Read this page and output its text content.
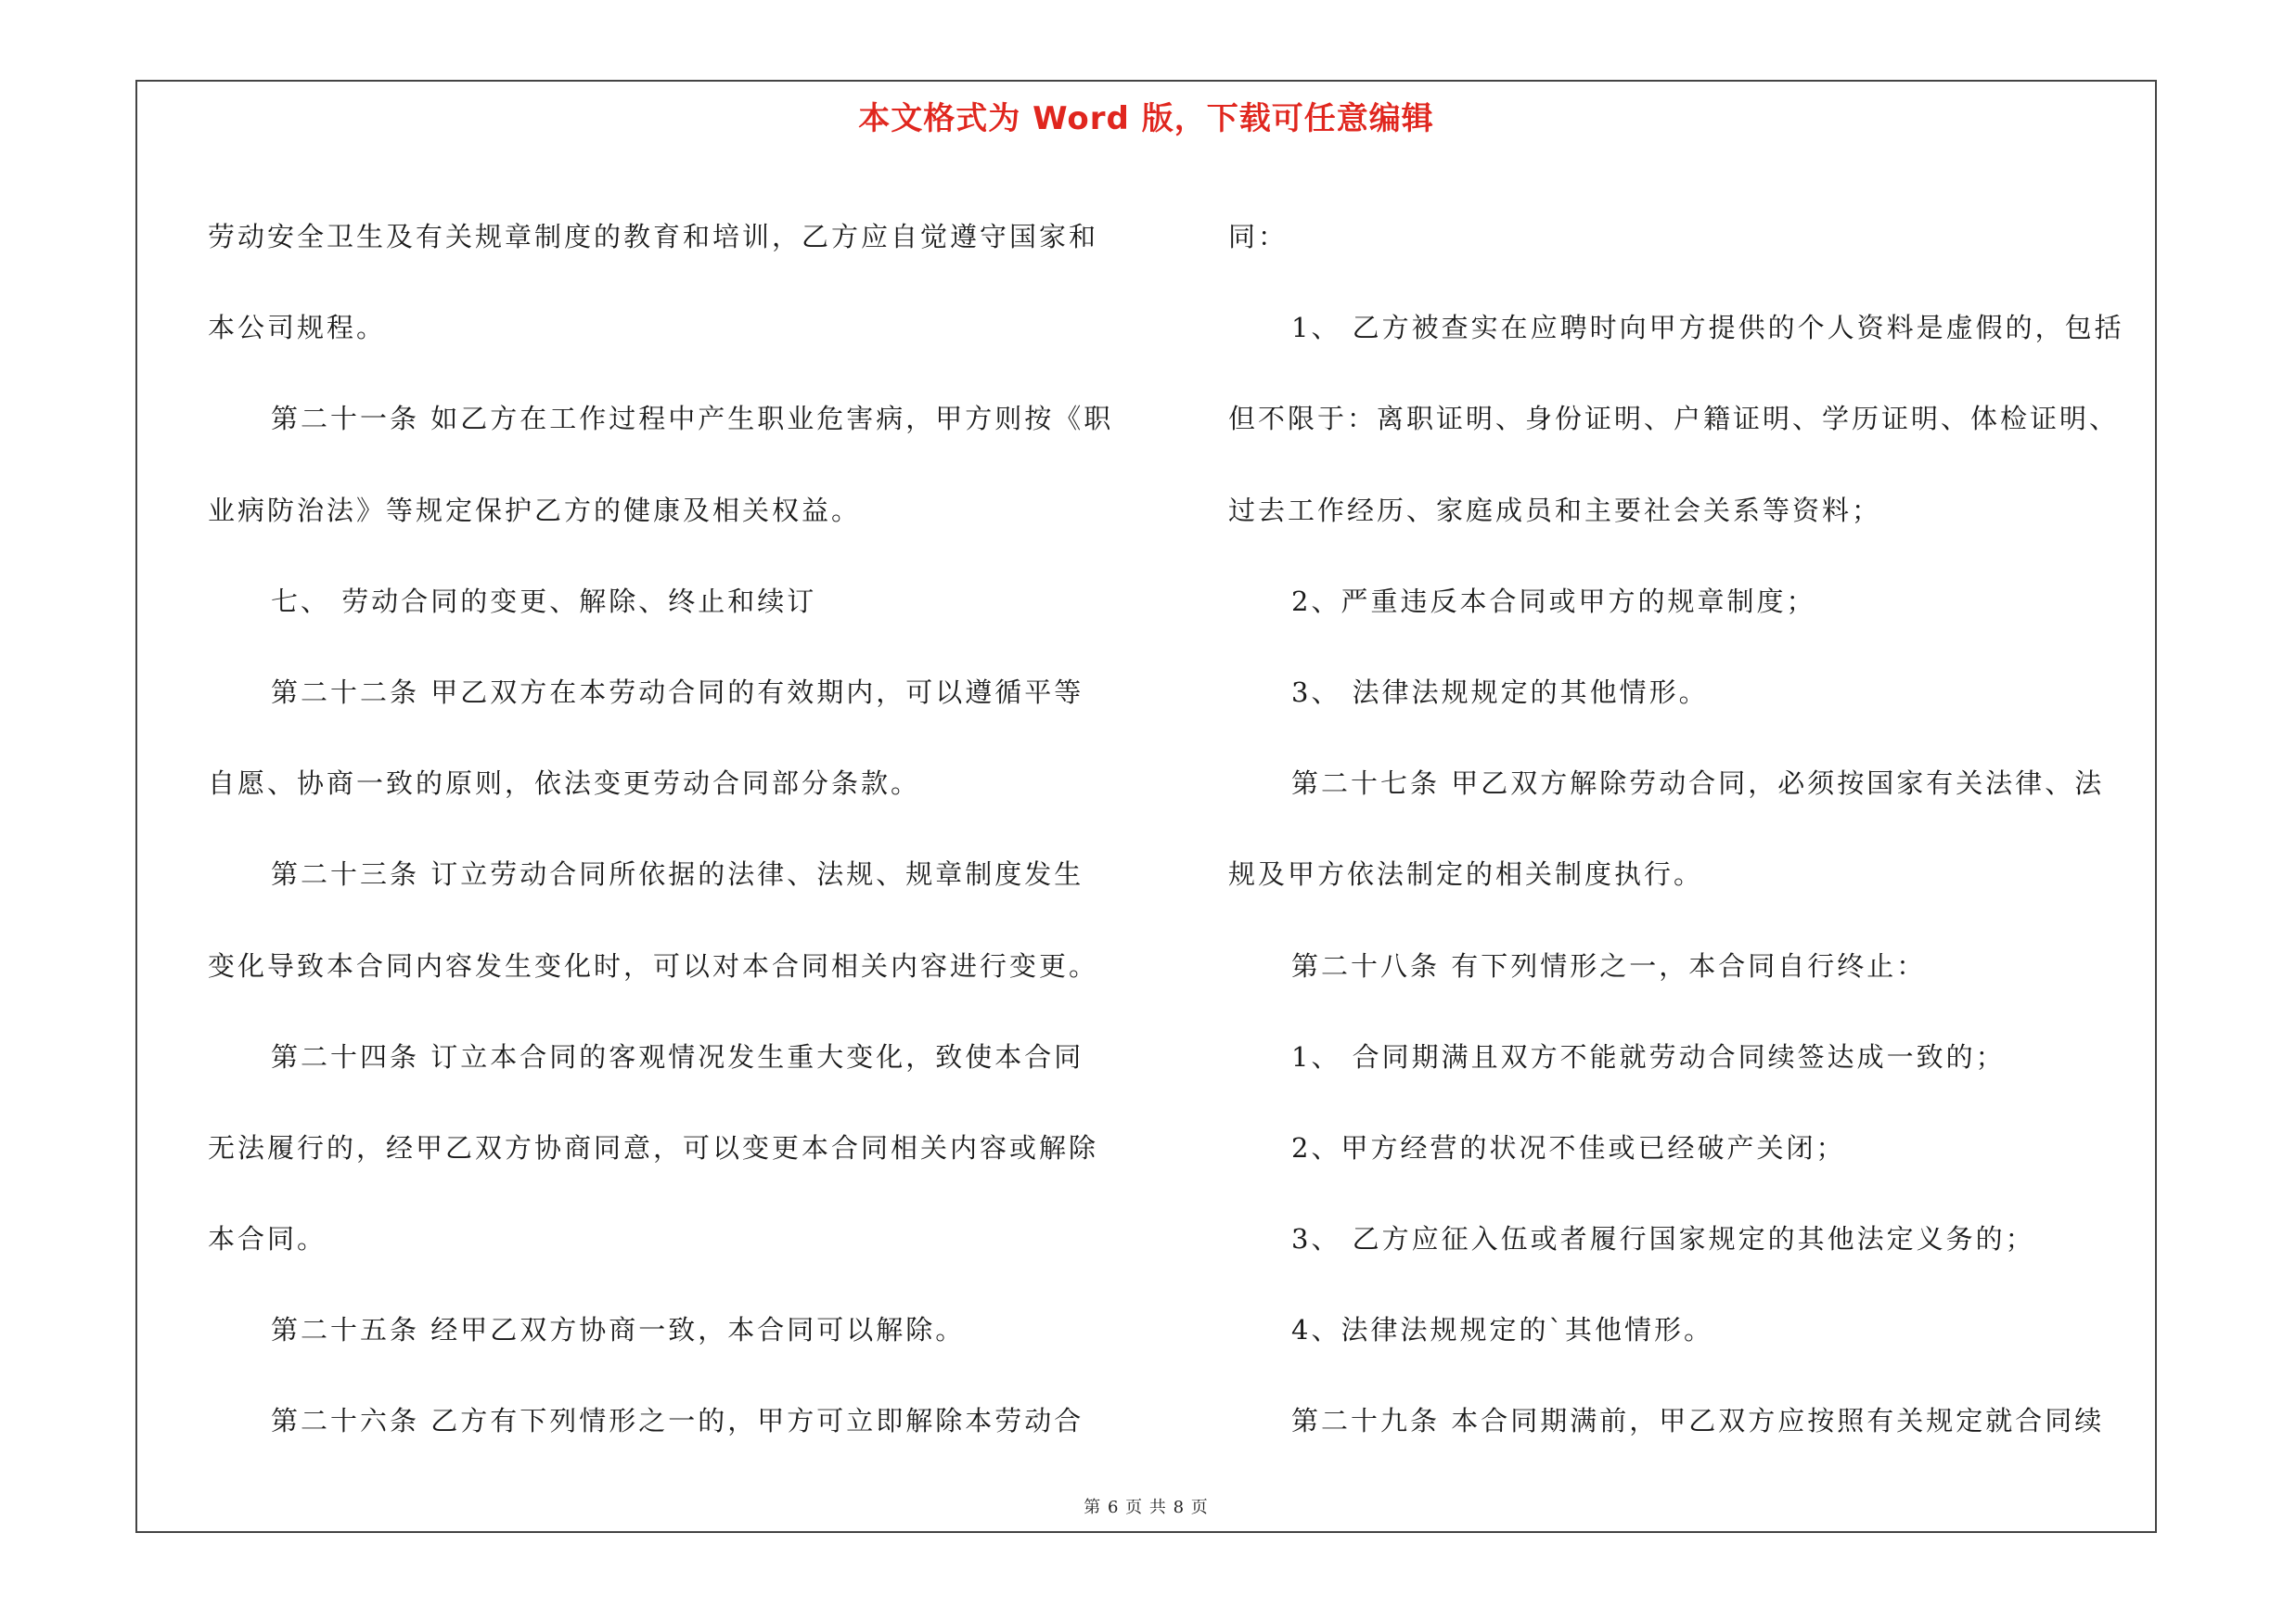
本文格式为 Word 版，下载可任意编辑
劳动安全卫生及有关规章制度的教育和培训，乙方应自觉遵守国家和
本公司规程。
第二十一条 如乙方在工作过程中产生职业危害病，甲方则按《职
业病防治法》等规定保护乙方的健康及相关权益。
七、 劳动合同的变更、解除、终止和续订
第二十二条 甲乙双方在本劳动合同的有效期内，可以遵循平等
自愿、协商一致的原则，依法变更劳动合同部分条款。
第二十三条 订立劳动合同所依据的法律、法规、规章制度发生
变化导致本合同内容发生变化时，可以对本合同相关内容进行变更。
第二十四条 订立本合同的客观情况发生重大变化，致使本合同
无法履行的，经甲乙双方协商同意，可以变更本合同相关内容或解除
本合同。
第二十五条 经甲乙双方协商一致，本合同可以解除。
第二十六条 乙方有下列情形之一的，甲方可立即解除本劳动合
同：
1、 乙方被查实在应聘时向甲方提供的个人资料是虚假的，包括
但不限于：离职证明、身份证明、户籍证明、学历证明、体检证明、
过去工作经历、家庭成员和主要社会关系等资料；
2、严重违反本合同或甲方的规章制度；
3、 法律法规规定的其他情形。
第二十七条 甲乙双方解除劳动合同，必须按国家有关法律、法
规及甲方依法制定的相关制度执行。
第二十八条 有下列情形之一，本合同自行终止：
1、 合同期满且双方不能就劳动合同续签达成一致的；
2、甲方经营的状况不佳或已经破产关闭；
3、 乙方应征入伍或者履行国家规定的其他法定义务的；
4、法律法规规定的`其他情形。
第二十九条 本合同期满前，甲乙双方应按照有关规定就合同续
第 6 页 共 8 页
